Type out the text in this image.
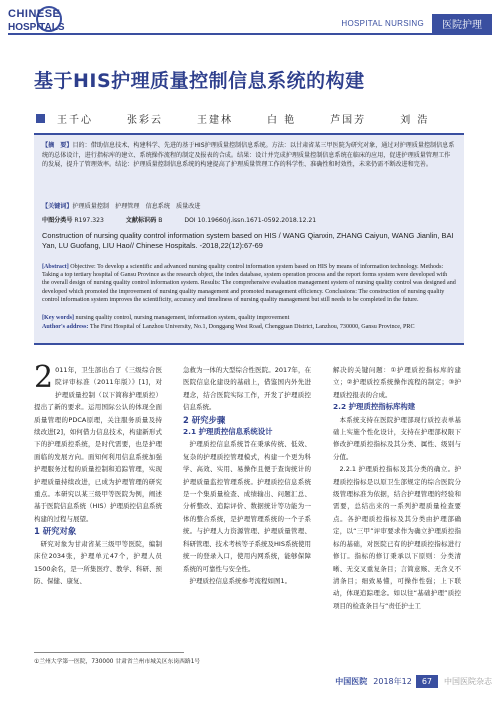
CHINESE
HOSPITALS	HOSPITAL NURSING	医院护理
基于HIS护理质量控制信息系统的构建
王千心	张彩云	王建林	白 艳	芦国芳	刘 浩
【摘　要】目的：借助信息技术、构建科学、先进的基于HIS护理质量控制信息系统。方法：以甘肃省某三甲医院为研究对象，通过对护理质量控制信息系统的总体设计，进行指标库的建立、系统操作流程的制定及报表的合成。结果：设计并完成护理质量控制信息系统在临床的应用，促进护理质量管理工作的发展，提升了管理效率。结论：护理质量控制信息系统的构建提高了护理质量管理工作的科学性、准确性和时效性，未来仍需不断改进和完善。
【关键词】护理质量控制　护理管理　信息系统　质量改进
中图分类号 R197.323	文献标识码 B	DOI 10.19660/j.issn.1671-0592.2018.12.21
Construction of nursing quality control information system based on HIS / WANG Qianxin, ZHANG Caiyun, WANG Jianlin, BAI Yan, LU Guofang, LIU Hao// Chinese Hospitals. -2018,22(12):67-69
[Abstract] Objective: To develop a scientific and advanced nursing quality control information system based on HIS by means of information technology. Methods: Taking a top tertiary hospital of Gansu Province as the research object, the index database, system operation process and the report forms system were developed with the overall design of nursing quality control information system. Results: The comprehensive evaluation management system of nursing quality control was designed and developed which promoted the improvement of nursing quality management and promoted management efficiency. Conclusions: The construction of nursing quality control information system improves the scientificity, accuracy and timeliness of nursing quality management but still needs to be completed in the future.
[Key words] nursing quality control, nursing management, information system, quality improvement
Author's address: The First Hospital of Lanzhou University, No.1, Donggang West Road, Chengguan District, Lanzhou, 730000, Gansu Province, PRC

2 011年，卫生部出台了《三级综合医院评审标准（2011年版）》[1]，对护理质量控制（以下简称护理质控）提出了新的要求。运用国际公认的体现全面质量管理的PDCA原理，关注服务质量及持续改进[2]，如何借力信息技术，构建新形式下的护理质控系统，是时代需要，也是护理面临的发展方向。面知何利用信息系统加强护理服务过程的质量控制和追踪管理，实现护理质量持续改进，已成为护理管理的研究重点。本研究以某三级甲等医院为例，阐述基于医院信息系统（HIS）护理质控信息系统构建的过程与展望。

1 研究对象

研究对象为甘肃省某三级甲等医院，编制床位2034张，护理单元47个，护理人员1500余名，是一所集医疗、教学、科研、预防、保健、康复、

急救为一体的大型综合性医院。2017年，在医院信息化建设的基础上，借鉴国内外先进理念，结合医院实际工作，开发了护理质控信息系统。

2 研究步骤

2.1 护理质控信息系统设计

护理质控信息系统旨在秉承传统、低效、复杂的护理质控管理模式，构建一个更为科学、高效、实用、易操作且便于查询统计的护理质量监控管理系统。护理质控信息系统是一个集质量检查、成绩输出、问题汇总、分析整改、追踪评价、数据统计等功能为一体的整合系统，是护理管理系统的一个子系统。与护理人力资源管理、护理质量管理、科研管理、技术考核等子系统及HIS系统使用统一的登录入口，使用内网系统，能够保障系统的可靠性与安全性。

护理质控信息系统参考流程如图1。

解决的关键问题：①护理质控指标库的建立；②护理质控系统操作流程的制定；③护理质控报表的合成。

2.2 护理质控指标库构建

本系统支持在医院护理部现行质控表单基础上实施个性化设计，支持在护理部权限下修改护理质控指标及其分类、属性、级别与分值。

2.2.1 护理质控指标及其分类的确立。护理质控指标是以原卫生部规定的综合医院分级管理标准为依据，结合护理管理的经验和需要，总结出来的一系列护理质量检查要点。各护理质控指标及其分类由护理部确定，以“三甲”评审要求作为确立护理质控指标的基础，对医院已有的护理质控指标进行修订。指标的修订秉承以下原则：分类清晰、无交叉重复条目；言简意赅、无含义不清条目；细致易懂，可操作性强；上下联动，体现追踪理念。如以往“基础护理”质控项目的检查条目与“责任护士工

①兰州大学第一医院，730000 甘肃省兰州市城关区东岗西路1号
中国医院 2018年12	67	中国医院杂志
